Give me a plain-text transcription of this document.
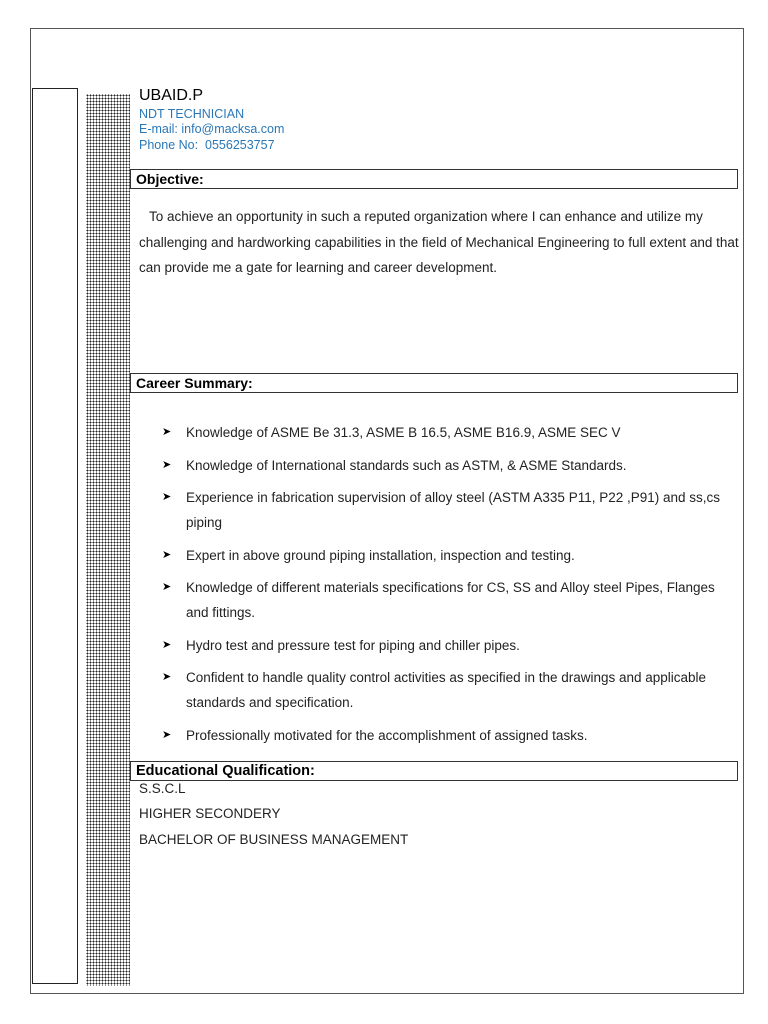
UBAID.P
NDT TECHNICIAN
E-mail: info@macksa.com
Phone No:  0556253757
Objective:

To achieve an opportunity in such a reputed organization where I can enhance and utilize my challenging and hardworking capabilities in the field of Mechanical Engineering to full extent and that can provide me a gate for learning and career development.

Career Summary:
➤ Knowledge of ASME Be 31.3, ASME B 16.5, ASME B16.9, ASME SEC V
➤ Knowledge of International standards such as ASTM, & ASME Standards.
➤ Experience in fabrication supervision of alloy steel (ASTM A335 P11, P22 ,P91) and ss,cs piping
➤ Expert in above ground piping installation, inspection and testing.
➤ Knowledge of different materials specifications for CS, SS and Alloy steel Pipes, Flanges and fittings.
➤ Hydro test and pressure test for piping and chiller pipes.
➤ Confident to handle quality control activities as specified in the drawings and applicable standards and specification.
➤ Professionally motivated for the accomplishment of assigned tasks.
Educational Qualification:
S.S.C.L
HIGHER SECONDERY
BACHELOR OF BUSINESS MANAGEMENT
